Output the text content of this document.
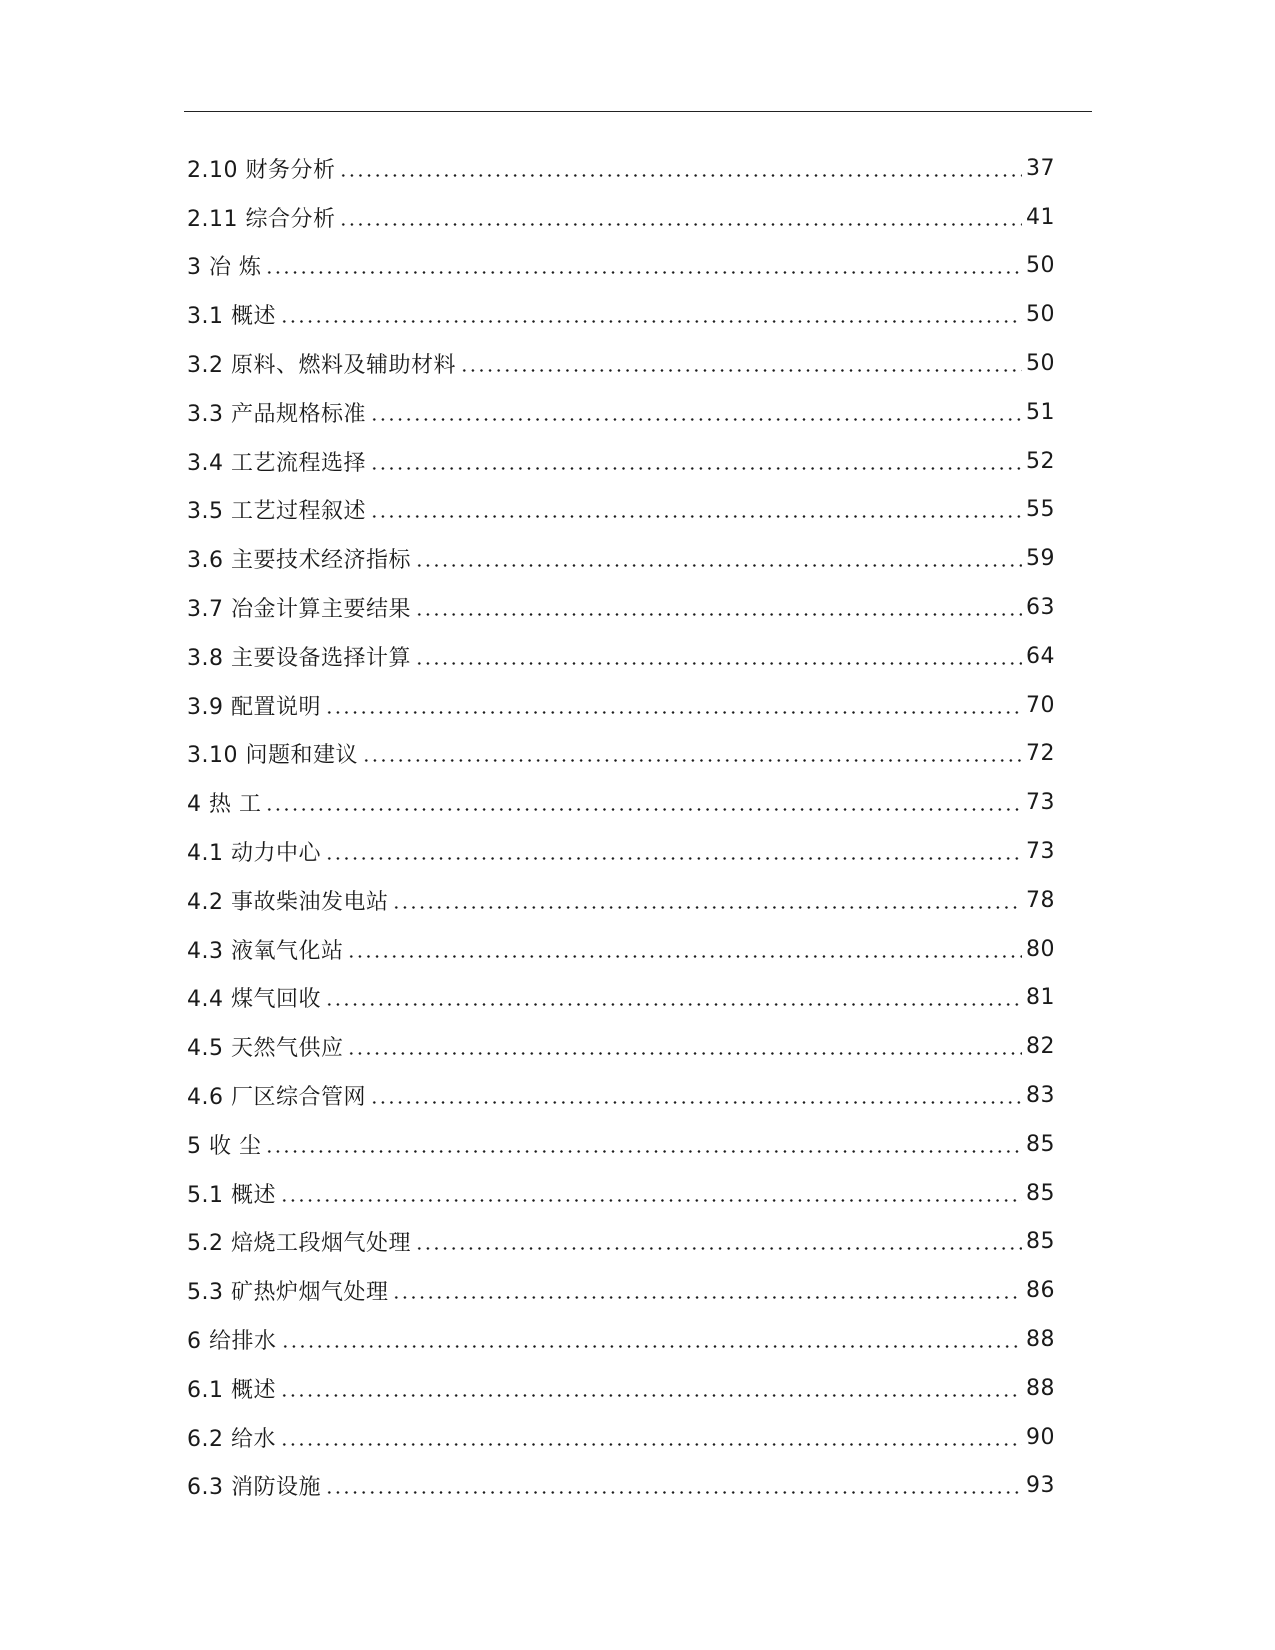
2.10 财务分析	37
2.11 综合分析	41
3 冶 炼	50
3.1 概述	50
3.2 原料、燃料及辅助材料	50
3.3 产品规格标准	51
3.4 工艺流程选择	52
3.5 工艺过程叙述	55
3.6 主要技术经济指标	59
3.7 冶金计算主要结果	63
3.8 主要设备选择计算	64
3.9 配置说明	70
3.10 问题和建议	72
4 热 工	73
4.1 动力中心	73
4.2 事故柴油发电站	78
4.3 液氧气化站	80
4.4 煤气回收	81
4.5 天然气供应	82
4.6 厂区综合管网	83
5 收 尘	85
5.1 概述	85
5.2 焙烧工段烟气处理	85
5.3 矿热炉烟气处理	86
6 给排水	88
6.1 概述	88
6.2 给水	90
6.3 消防设施	93
